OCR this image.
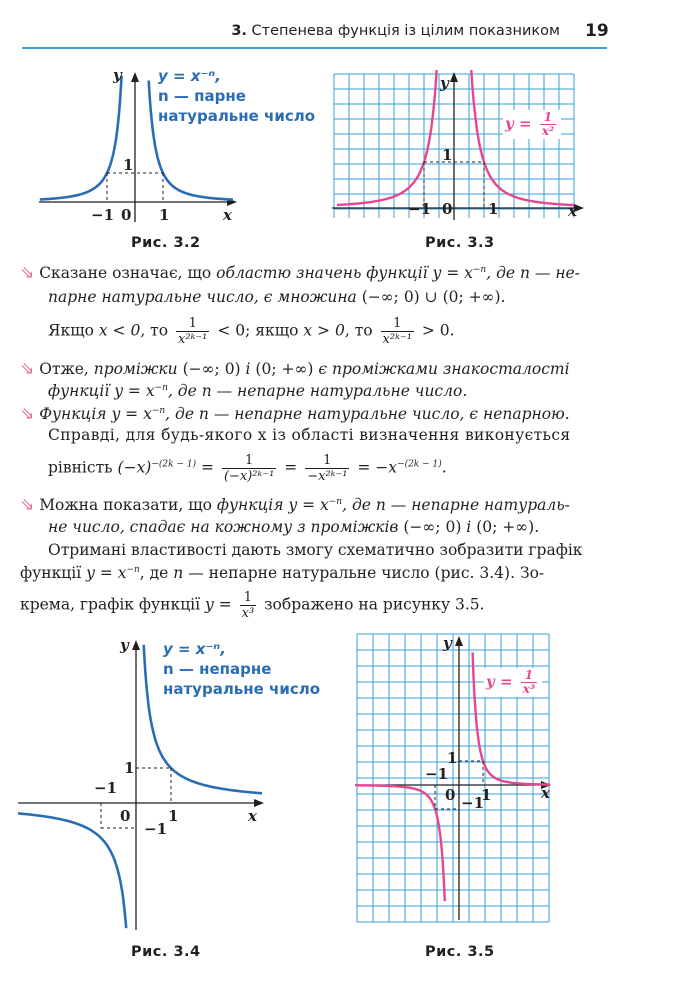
3. Степенева функція із цілим показником 19
y
x
−1 0 1
1
y = x⁻ⁿ,
n — парне
натуральне число
Рис. 3.2
y
x
−1 0 1
1
$y = \frac{1}{\text{x²}}$
Рис. 3.3
⇘ Сказане означає, що областю значень функції $y = x^{-n}$, де n — не-
парне натуральне число, є множина (−∞; 0) ∪ (0; +∞).
Якщо x < 0, то $\frac{1}{\text{x²ᵏ⁻¹}} < 0$; якщо x > 0, то $\frac{1}{\text{x²ᵏ⁻¹}} > 0$.
⇘ Отже, проміжки (−∞; 0) і (0; +∞) є проміжками знакосталості
функції $y = x^{-n}$, де n — непарне натуральне число.
⇘ Функція $y = x^{-n}$, де n — непарне натуральне число, є непарною.
Справді, для будь-якого x із області визначення виконується
рівність $(-x)^{-(2k - 1)} = \frac{1}{\text{(−x)²ᵏ⁻¹}} = \frac{1}{\text{−x²ᵏ⁻¹}} = -x^{-(2k - 1)}$.
⇘ Можна показати, що функція $y = x^{-n}$, де n — непарне натураль-
не число, спадає на кожному з проміжків (−∞; 0) і (0; +∞).
Отримані властивості дають змогу схематично зобразити графік
функції $y = x^{-n}$, де n — непарне натуральне число (рис. 3.4). Зо-
крема, графік функції $y = \frac{1}{\text{x³}}$ зображено на рисунку 3.5.
y
x
−1
0	1
1
−1
y = x⁻ⁿ,
n — непарне
натуральне число
Рис. 3.4
y
x
−1
0 1
1
−1
$y = \frac{1}{\text{x³}}$
Рис. 3.5
